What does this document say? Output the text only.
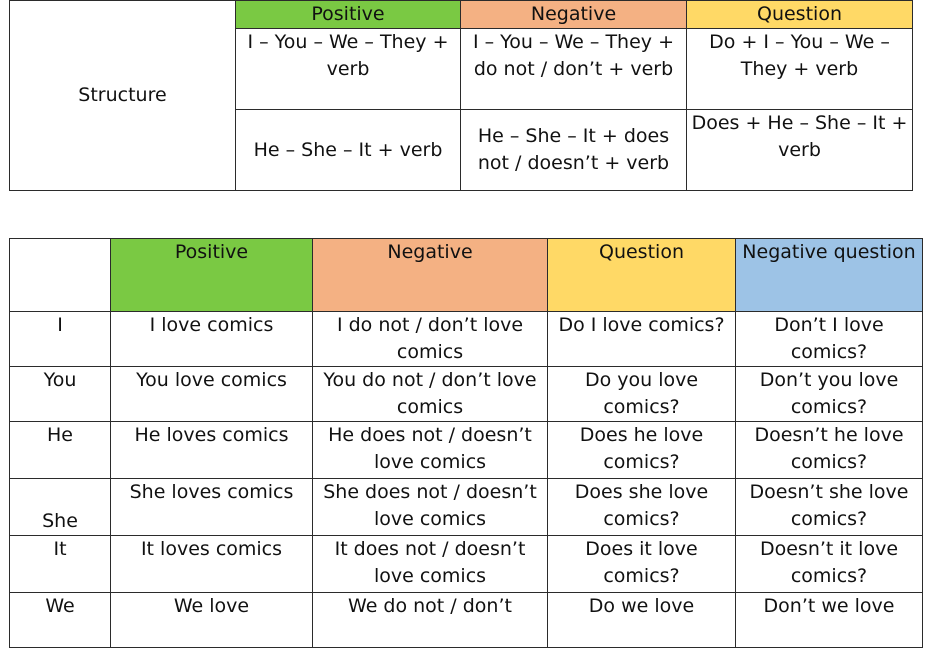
Structure	Positive	Negative	Question
	I – You – We – They + verb	I – You – We – They + do not / don’t + verb	Do + I – You – We – They + verb
	He – She – It + verb	He – She – It + does not / doesn’t + verb	Does + He – She – It + verb
	Positive	Negative	Question	Negative question
I	I love comics	I do not / don’t love comics	Do I love comics?	Don’t I love comics?
You	You love comics	You do not / don’t love comics	Do you love comics?	Don’t you love comics?
He	He loves comics	He does not / doesn’t love comics	Does he love comics?	Doesn’t he love comics?
She	She loves comics	She does not / doesn’t love comics	Does she love comics?	Doesn’t she love comics?
It	It loves comics	It does not / doesn’t love comics	Does it love comics?	Doesn’t it love comics?
We	We love	We do not / don’t	Do we love	Don’t we love
